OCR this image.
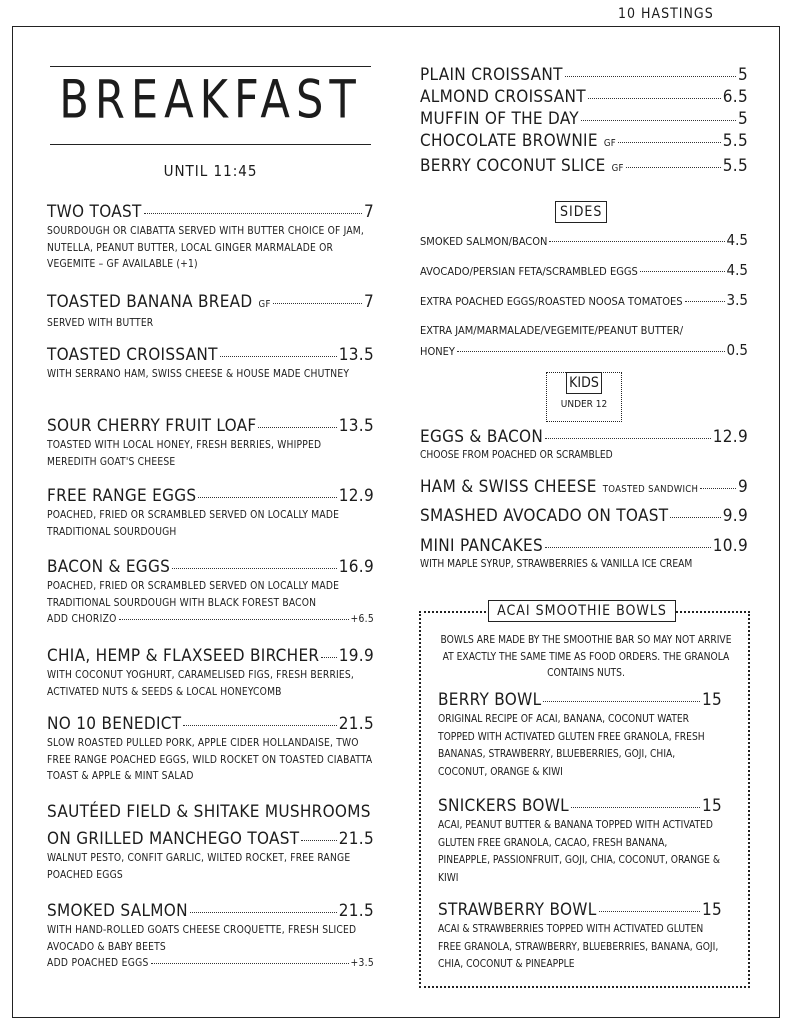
10 HASTINGS
BREAKFAST
UNTIL 11:45
TWO TOAST	7
SOURDOUGH OR CIABATTA SERVED WITH BUTTER CHOICE OF JAM, NUTELLA, PEANUT BUTTER, LOCAL GINGER MARMALADE OR VEGEMITE – GF AVAILABLE (+1)
TOASTED BANANA BREAD GF	7
SERVED WITH BUTTER
TOASTED CROISSANT	13.5
WITH SERRANO HAM, SWISS CHEESE & HOUSE MADE CHUTNEY
SOUR CHERRY FRUIT LOAF	13.5
TOASTED WITH LOCAL HONEY, FRESH BERRIES, WHIPPED MEREDITH GOAT'S CHEESE
FREE RANGE EGGS	12.9
POACHED, FRIED OR SCRAMBLED SERVED ON LOCALLY MADE TRADITIONAL SOURDOUGH
BACON & EGGS	16.9
POACHED, FRIED OR SCRAMBLED SERVED ON LOCALLY MADE TRADITIONAL SOURDOUGH WITH BLACK FOREST BACON
ADD CHORIZO	+6.5
CHIA, HEMP & FLAXSEED BIRCHER 19.9
WITH COCONUT YOGHURT, CARAMELISED FIGS, FRESH BERRIES, ACTIVATED NUTS & SEEDS & LOCAL HONEYCOMB
NO 10 BENEDICT	21.5
SLOW ROASTED PULLED PORK, APPLE CIDER HOLLANDAISE, TWO FREE RANGE POACHED EGGS, WILD ROCKET ON TOASTED CIABATTA TOAST & APPLE & MINT SALAD
SAUTÉED FIELD & SHITAKE MUSHROOMS
ON GRILLED MANCHEGO TOAST 21.5
WALNUT PESTO, CONFIT GARLIC, WILTED ROCKET, FREE RANGE POACHED EGGS
SMOKED SALMON	21.5
WITH HAND-ROLLED GOATS CHEESE CROQUETTE, FRESH SLICED AVOCADO & BABY BEETS
ADD POACHED EGGS	+3.5
PLAIN CROISSANT	5
ALMOND CROISSANT	6.5
MUFFIN OF THE DAY	5
CHOCOLATE BROWNIE GF	5.5
BERRY COCONUT SLICE GF	5.5
SIDES
SMOKED SALMON/BACON	4.5
AVOCADO/PERSIAN FETA/SCRAMBLED EGGS	4.5
EXTRA POACHED EGGS/ROASTED NOOSA TOMATOES	3.5
EXTRA JAM/MARMALADE/VEGEMITE/PEANUT BUTTER/
HONEY	0.5
KIDS
UNDER 12
EGGS & BACON	12.9
CHOOSE FROM POACHED OR SCRAMBLED
HAM & SWISS CHEESE TOASTED SANDWICH 9
SMASHED AVOCADO ON TOAST	9.9
MINI PANCAKES	10.9
WITH MAPLE SYRUP, STRAWBERRIES & VANILLA ICE CREAM
ACAI SMOOTHIE BOWLS
BOWLS ARE MADE BY THE SMOOTHIE BAR SO MAY NOT ARRIVE AT EXACTLY THE SAME TIME AS FOOD ORDERS. THE GRANOLA CONTAINS NUTS.
BERRY BOWL	15
ORIGINAL RECIPE OF ACAI, BANANA, COCONUT WATER TOPPED WITH ACTIVATED GLUTEN FREE GRANOLA, FRESH BANANAS, STRAWBERRY, BLUEBERRIES, GOJI, CHIA, COCONUT, ORANGE & KIWI
SNICKERS BOWL	15
ACAI, PEANUT BUTTER & BANANA TOPPED WITH ACTIVATED GLUTEN FREE GRANOLA, CACAO, FRESH BANANA, PINEAPPLE, PASSIONFRUIT, GOJI, CHIA, COCONUT, ORANGE & KIWI
STRAWBERRY BOWL	15
ACAI & STRAWBERRIES TOPPED WITH ACTIVATED GLUTEN FREE GRANOLA, STRAWBERRY, BLUEBERRIES, BANANA, GOJI, CHIA, COCONUT & PINEAPPLE
